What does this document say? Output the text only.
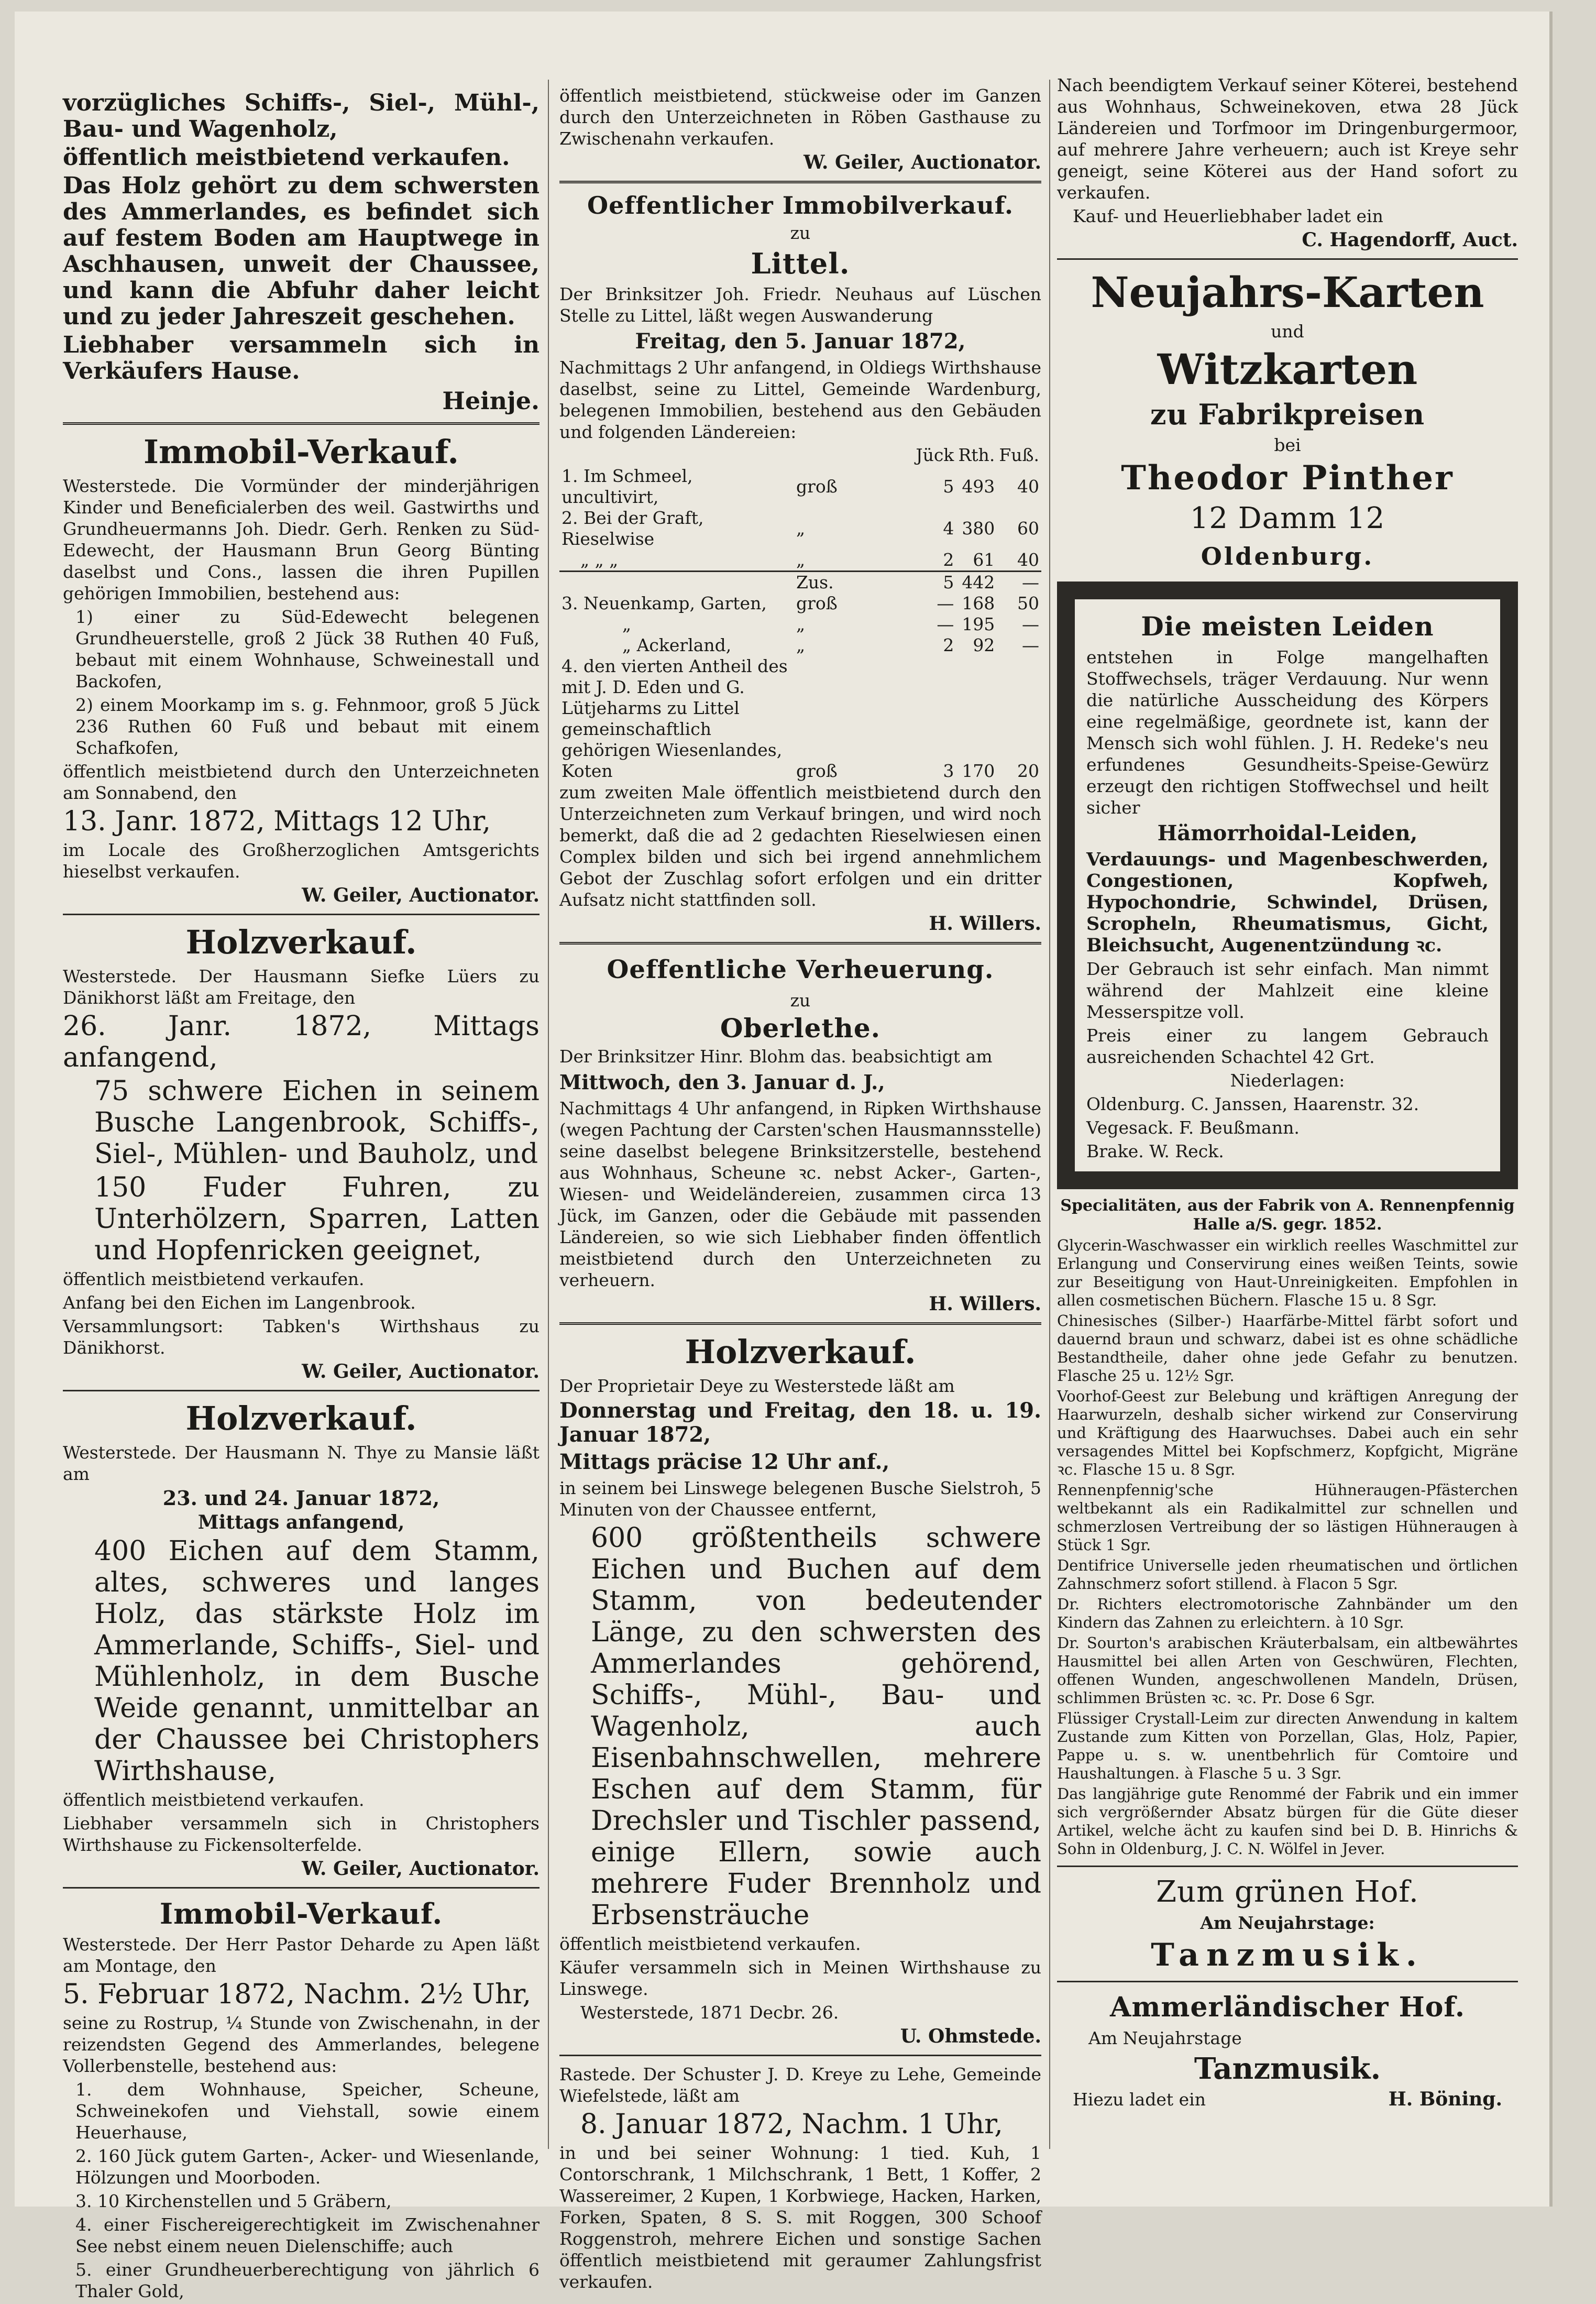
vorzügliches Schiffs-, Siel-, Mühl-, Bau- und Wagenholz,

öffentlich meistbietend verkaufen.

Das Holz gehört zu dem schwersten des Ammerlandes, es befindet sich auf festem Boden am Hauptwege in Aschhausen, unweit der Chaussee, und kann die Abfuhr daher leicht und zu jeder Jahreszeit geschehen.

Liebhaber versammeln sich in Verkäufers Hause.

Heinje.

Immobil-Verkauf.

Westerstede. Die Vormünder der minderjährigen Kinder und Beneficialerben des weil. Gastwirths und Grundheuermanns Joh. Diedr. Gerh. Renken zu Süd-Edewecht, der Hausmann Brun Georg Bünting daselbst und Cons., lassen die ihren Pupillen gehörigen Immobilien, bestehend aus:

1) einer zu Süd-Edewecht belegenen Grundheuerstelle, groß 2 Jück 38 Ruthen 40 Fuß, bebaut mit einem Wohnhause, Schweinestall und Backofen,

2) einem Moorkamp im s. g. Fehnmoor, groß 5 Jück 236 Ruthen 60 Fuß und bebaut mit einem Schafkofen,

öffentlich meistbietend durch den Unterzeichneten am Sonnabend, den

13. Janr. 1872, Mittags 12 Uhr,

im Locale des Großherzoglichen Amtsgerichts hieselbst verkaufen.

W. Geiler, Auctionator.

Holzverkauf.

Westerstede. Der Hausmann Siefke Lüers zu Dänikhorst läßt am Freitage, den

26. Janr. 1872, Mittags anfangend,

75 schwere Eichen in seinem Busche Langenbrook, Schiffs-, Siel-, Mühlen- und Bauholz, und

150 Fuder Fuhren, zu Unterhölzern, Sparren, Latten und Hopfenricken geeignet,

öffentlich meistbietend verkaufen.

Anfang bei den Eichen im Langenbrook.

Versammlungsort: Tabken's Wirthshaus zu Dänikhorst.

W. Geiler, Auctionator.

Holzverkauf.

Westerstede. Der Hausmann N. Thye zu Mansie läßt am

23. und 24. Januar 1872,

Mittags anfangend,

400 Eichen auf dem Stamm, altes, schweres und langes Holz, das stärkste Holz im Ammerlande, Schiffs-, Siel- und Mühlenholz, in dem Busche Weide genannt, unmittelbar an der Chaussee bei Christophers Wirthshause,

öffentlich meistbietend verkaufen.

Liebhaber versammeln sich in Christophers Wirthshause zu Fickensolterfelde.

W. Geiler, Auctionator.

Immobil-Verkauf.

Westerstede. Der Herr Pastor Deharde zu Apen läßt am Montage, den

5. Februar 1872, Nachm. 2½ Uhr,

seine zu Rostrup, ¼ Stunde von Zwischenahn, in der reizendsten Gegend des Ammerlandes, belegene Vollerbenstelle, bestehend aus:

1. dem Wohnhause, Speicher, Scheune, Schweinekofen und Viehstall, sowie einem Heuerhause,

2. 160 Jück gutem Garten-, Acker- und Wiesenlande, Hölzungen und Moorboden.

3. 10 Kirchenstellen und 5 Gräbern,

4. einer Fischereigerechtigkeit im Zwischenahner See nebst einem neuen Dielenschiffe; auch

5. einer Grundheuerberechtigung von jährlich 6 Thaler Gold,

öffentlich meistbietend, stückweise oder im Ganzen durch den Unterzeichneten in Röben Gasthause zu Zwischenahn verkaufen.

W. Geiler, Auctionator.

Oeffentlicher Immobilverkauf.

zu

Littel.

Der Brinksitzer Joh. Friedr. Neuhaus auf Lüschen Stelle zu Littel, läßt wegen Auswanderung

Freitag, den 5. Januar 1872,

Nachmittags 2 Uhr anfangend, in Oldiegs Wirthshause daselbst, seine zu Littel, Gemeinde Wardenburg, belegenen Immobilien, bestehend aus den Gebäuden und folgenden Ländereien:

		Jück	Rth.	Fuß.
1. Im Schmeel, uncultivirt,	groß	5	493	40
2. Bei der Graft, Rieselwise	„	4	380	60
„ „ „	„	2	61	40
	Zus.	5	442	—
3. Neuenkamp, Garten,	groß	—	168	50
„	„	—	195	—
„ Ackerland,	„	2	92	—
4. den vierten Antheil des mit J. D. Eden und G. Lütjeharms zu Littel gemeinschaftlich gehörigen Wiesenlandes, Koten	groß	3	170	20

zum zweiten Male öffentlich meistbietend durch den Unterzeichneten zum Verkauf bringen, und wird noch bemerkt, daß die ad 2 gedachten Rieselwiesen einen Complex bilden und sich bei irgend annehmlichem Gebot der Zuschlag sofort erfolgen und ein dritter Aufsatz nicht stattfinden soll.

H. Willers.

Oeffentliche Verheuerung.

zu

Oberlethe.

Der Brinksitzer Hinr. Blohm das. beabsichtigt am

Mittwoch, den 3. Januar d. J.,

Nachmittags 4 Uhr anfangend, in Ripken Wirthshause (wegen Pachtung der Carsten'schen Hausmannsstelle) seine daselbst belegene Brinksitzerstelle, bestehend aus Wohnhaus, Scheune ꝛc. nebst Acker-, Garten-, Wiesen- und Weideländereien, zusammen circa 13 Jück, im Ganzen, oder die Gebäude mit passenden Ländereien, so wie sich Liebhaber finden öffentlich meistbietend durch den Unterzeichneten zu verheuern.

H. Willers.

Holzverkauf.

Der Proprietair Deye zu Westerstede läßt am

Donnerstag und Freitag, den 18. u. 19. Januar 1872,

Mittags präcise 12 Uhr anf.,

in seinem bei Linswege belegenen Busche Sielstroh, 5 Minuten von der Chaussee entfernt,

600 größtentheils schwere Eichen und Buchen auf dem Stamm, von bedeutender Länge, zu den schwersten des Ammerlandes gehörend, Schiffs-, Mühl-, Bau- und Wagenholz, auch Eisenbahnschwellen, mehrere Eschen auf dem Stamm, für Drechsler und Tischler passend, einige Ellern, sowie auch mehrere Fuder Brennholz und Erbsensträuche

öffentlich meistbietend verkaufen.

Käufer versammeln sich in Meinen Wirthshause zu Linswege.

Westerstede, 1871 Decbr. 26.

U. Ohmstede.

Rastede. Der Schuster J. D. Kreye zu Lehe, Gemeinde Wiefelstede, läßt am

8. Januar 1872, Nachm. 1 Uhr,

in und bei seiner Wohnung: 1 tied. Kuh, 1 Contorschrank, 1 Milchschrank, 1 Bett, 1 Koffer, 2 Wassereimer, 2 Kupen, 1 Korbwiege, Hacken, Harken, Forken, Spaten, 8 S. S. mit Roggen, 300 Schoof Roggenstroh, mehrere Eichen und sonstige Sachen öffentlich meistbietend mit geraumer Zahlungsfrist verkaufen.

Nach beendigtem Verkauf seiner Köterei, bestehend aus Wohnhaus, Schweinekoven, etwa 28 Jück Ländereien und Torfmoor im Dringenburgermoor, auf mehrere Jahre verheuern; auch ist Kreye sehr geneigt, seine Köterei aus der Hand sofort zu verkaufen.

Kauf- und Heuerliebhaber ladet ein

C. Hagendorff, Auct.

Neujahrs-Karten

und

Witzkarten
zu Fabrikpreisen

bei

Theodor Pinther
12 Damm 12
Oldenburg.
Die meisten Leiden

entstehen in Folge mangelhaften Stoffwechsels, träger Verdauung. Nur wenn die natürliche Ausscheidung des Körpers eine regelmäßige, geordnete ist, kann der Mensch sich wohl fühlen. J. H. Redeke's neu erfundenes Gesundheits-Speise-Gewürz erzeugt den richtigen Stoffwechsel und heilt sicher

Hämorrhoidal-Leiden,

Verdauungs- und Magenbeschwerden, Congestionen, Kopfweh, Hypochondrie, Schwindel, Drüsen, Scropheln, Rheumatismus, Gicht, Bleichsucht, Augenentzündung ꝛc.

Der Gebrauch ist sehr einfach. Man nimmt während der Mahlzeit eine kleine Messerspitze voll.

Preis einer zu langem Gebrauch ausreichenden Schachtel 42 Grt.

Niederlagen:

Oldenburg. C. Janssen, Haarenstr. 32.

Vegesack. F. Beußmann.

Brake. W. Reck.

Specialitäten, aus der Fabrik von A. Rennenpfennig Halle a/S. gegr. 1852.

Glycerin-Waschwasser ein wirklich reelles Waschmittel zur Erlangung und Conservirung eines weißen Teints, sowie zur Beseitigung von Haut-Unreinigkeiten. Empfohlen in allen cosmetischen Büchern. Flasche 15 u. 8 Sgr.

Chinesisches (Silber-) Haarfärbe-Mittel färbt sofort und dauernd braun und schwarz, dabei ist es ohne schädliche Bestandtheile, daher ohne jede Gefahr zu benutzen. Flasche 25 u. 12½ Sgr.

Voorhof-Geest zur Belebung und kräftigen Anregung der Haarwurzeln, deshalb sicher wirkend zur Conservirung und Kräftigung des Haarwuchses. Dabei auch ein sehr versagendes Mittel bei Kopfschmerz, Kopfgicht, Migräne ꝛc. Flasche 15 u. 8 Sgr.

Rennenpfennig'sche Hühneraugen-Pfästerchen weltbekannt als ein Radikalmittel zur schnellen und schmerzlosen Vertreibung der so lästigen Hühneraugen à Stück 1 Sgr.

Dentifrice Universelle jeden rheumatischen und örtlichen Zahnschmerz sofort stillend. à Flacon 5 Sgr.

Dr. Richters electromotorische Zahnbänder um den Kindern das Zahnen zu erleichtern. à 10 Sgr.

Dr. Sourton's arabischen Kräuterbalsam, ein altbewährtes Hausmittel bei allen Arten von Geschwüren, Flechten, offenen Wunden, angeschwollenen Mandeln, Drüsen, schlimmen Brüsten ꝛc. ꝛc. Pr. Dose 6 Sgr.

Flüssiger Crystall-Leim zur directen Anwendung in kaltem Zustande zum Kitten von Porzellan, Glas, Holz, Papier, Pappe u. s. w. unentbehrlich für Comtoire und Haushaltungen. à Flasche 5 u. 3 Sgr.

Das langjährige gute Renommé der Fabrik und ein immer sich vergrößernder Absatz bürgen für die Güte dieser Artikel, welche ächt zu kaufen sind bei D. B. Hinrichs & Sohn in Oldenburg, J. C. N. Wölfel in Jever.

Zum grünen Hof.

Am Neujahrstage:

Tanzmusik.
Ammerländischer Hof.

Am Neujahrstage

Tanzmusik.
Hiezu ladet ein	H. Böning.
